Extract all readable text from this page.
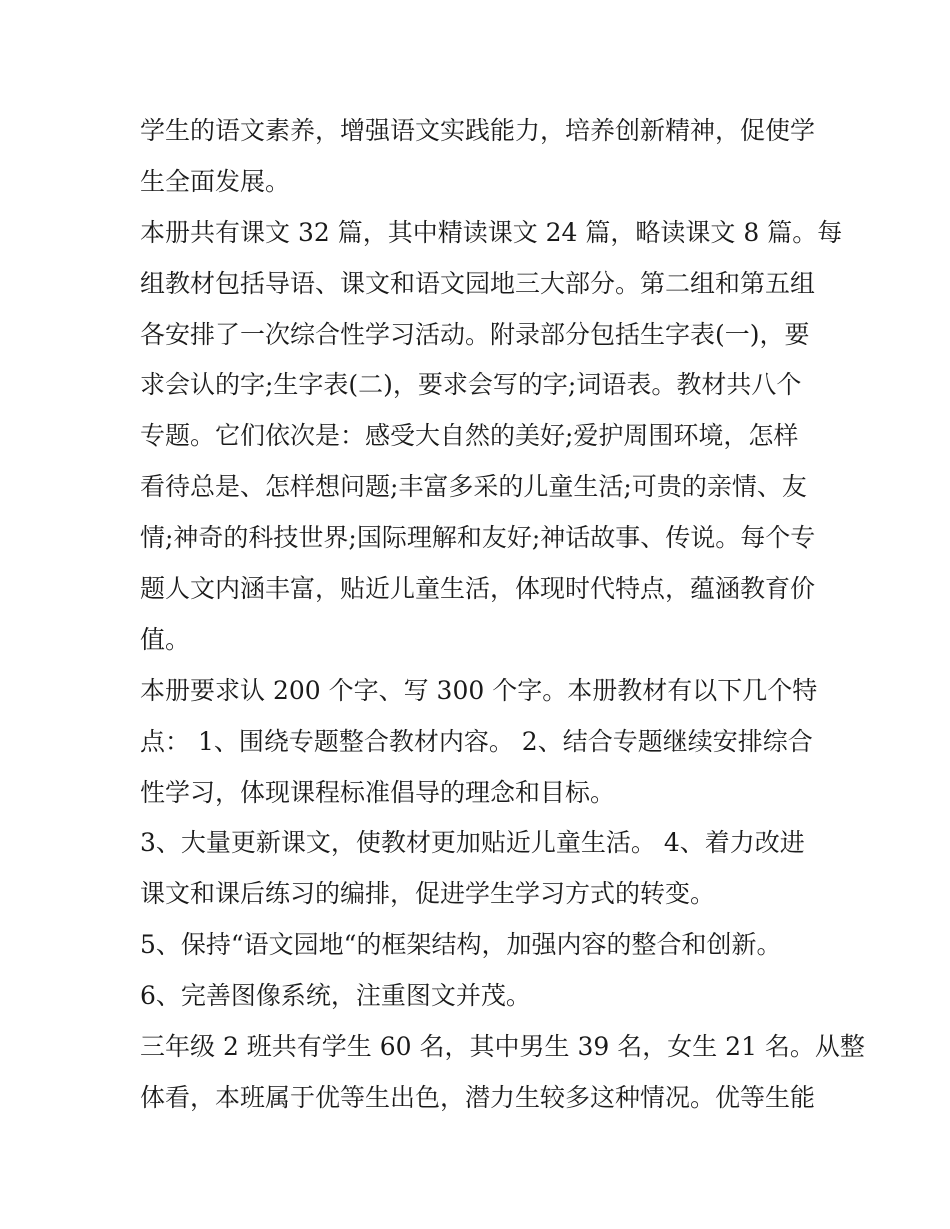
学生的语文素养，增强语文实践能力，培养创新精神，促使学
生全面发展。
本册共有课文 32 篇，其中精读课文 24 篇，略读课文 8 篇。每
组教材包括导语、课文和语文园地三大部分。第二组和第五组
各安排了一次综合性学习活动。附录部分包括生字表(一)，要
求会认的字;生字表(二)，要求会写的字;词语表。教材共八个
专题。它们依次是：感受大自然的美好;爱护周围环境，怎样
看待总是、怎样想问题;丰富多采的儿童生活;可贵的亲情、友
情;神奇的科技世界;国际理解和友好;神话故事、传说。每个专
题人文内涵丰富，贴近儿童生活，体现时代特点，蕴涵教育价
值。
本册要求认 200 个字、写 300 个字。本册教材有以下几个特
点： 1、围绕专题整合教材内容。 2、结合专题继续安排综合
性学习，体现课程标准倡导的理念和目标。
3、大量更新课文，使教材更加贴近儿童生活。 4、着力改进
课文和课后练习的编排，促进学生学习方式的转变。
5、保持“语文园地“的框架结构，加强内容的整合和创新。
6、完善图像系统，注重图文并茂。
三年级 2 班共有学生 60 名，其中男生 39 名，女生 21 名。从整
体看，本班属于优等生出色，潜力生较多这种情况。优等生能
